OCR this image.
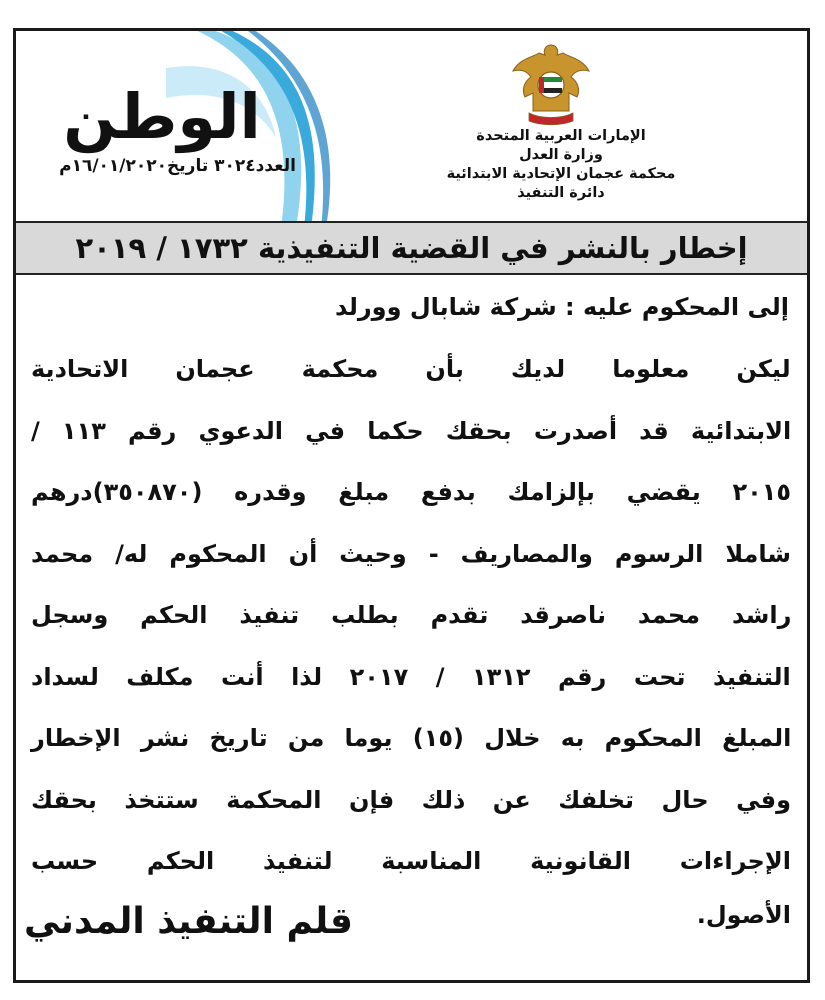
الوطن
العدد٣٠٢٤ تاريخ١٦/٠١/٢٠٢٠م
الإمارات العربية المتحدة
وزارة العدل
محكمة عجمان الإتحادية الابتدائية
دائرة التنفيذ
إخطار بالنشر في القضية التنفيذية ١٧٣٢ / ٢٠١٩
إلى المحكوم عليه : شركة شابال وورلد
ليكن معلوما لديك بأن محكمة عجمان الاتحادية
الابتدائية قد أصدرت بحقك حكما في الدعوي رقم ١١٣ /
٢٠١٥ يقضي بإلزامك بدفع مبلغ وقدره (٣٥٠٨٧٠)درهم
شاملا الرسوم والمصاريف - وحيث أن المحكوم له/ محمد
راشد محمد ناصرقد تقدم بطلب تنفيذ الحكم وسجل
التنفيذ تحت رقم ١٣١٢ / ٢٠١٧ لذا أنت مكلف لسداد
المبلغ المحكوم به خلال (١٥) يوما من تاريخ نشر الإخطار
وفي حال تخلفك عن ذلك فإن المحكمة ستتخذ بحقك
الإجراءات القانونية المناسبة لتنفيذ الحكم حسب
الأصول.
قلم التنفيذ المدني
